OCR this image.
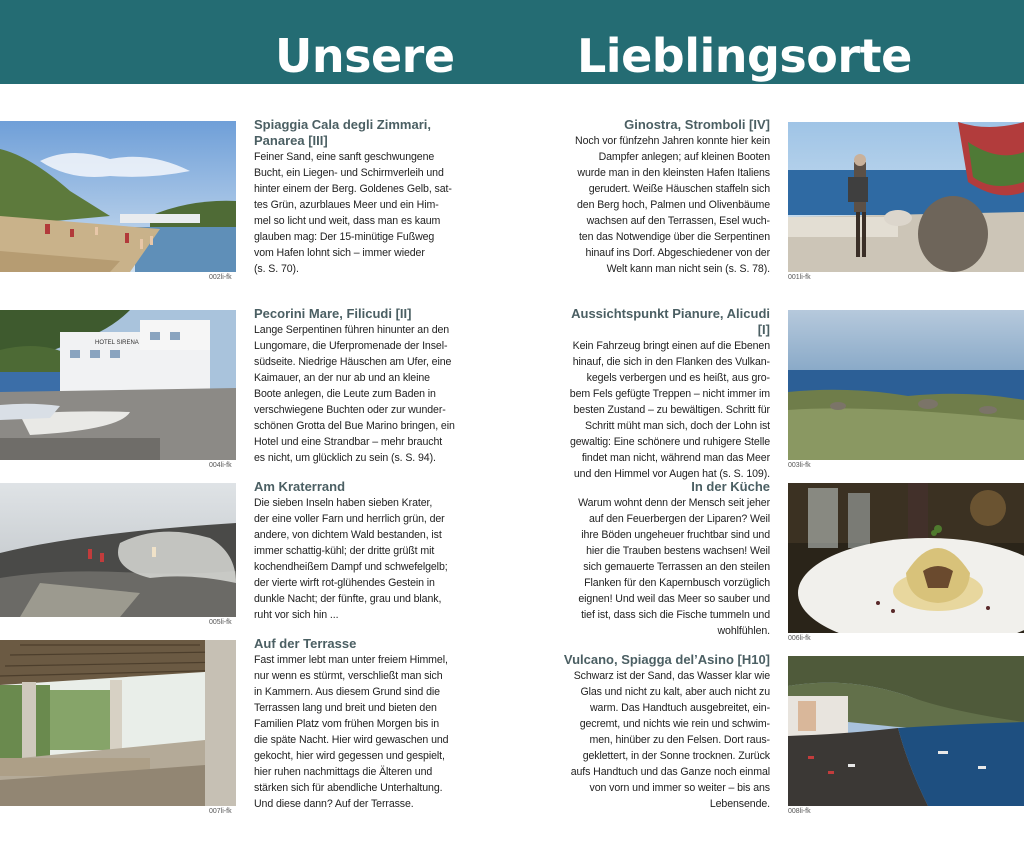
Unsere	Lieblingsorte
002li-fk
Spiaggia Cala degli Zimmari,
Panarea [III]
Feiner Sand, eine sanft geschwungene
Bucht, ein Liegen- und Schirmverleih und
hinter einem der Berg. Goldenes Gelb, sat-
tes Grün, azurblaues Meer und ein Him-
mel so licht und weit, dass man es kaum
glauben mag: Der 15-minütige Fußweg
vom Hafen lohnt sich – immer wieder
(s. S. 70).
HOTEL SIRENA
004li-fk
Pecorini Mare, Filicudi [II]
Lange Serpentinen führen hinunter an den
Lungomare, die Uferpromenade der Insel-
südseite. Niedrige Häuschen am Ufer, eine
Kaimauer, an der nur ab und an kleine
Boote anlegen, die Leute zum Baden in
verschwiegene Buchten oder zur wunder-
schönen Grotta del Bue Marino bringen, ein
Hotel und eine Strandbar – mehr braucht
es nicht, um glücklich zu sein (s. S. 94).
005li-fk
Am Kraterrand
Die sieben Inseln haben sieben Krater,
der eine voller Farn und herrlich grün, der
andere, von dichtem Wald bestanden, ist
immer schattig-kühl; der dritte grüßt mit
kochendheißem Dampf und schwefelgelb;
der vierte wirft rot-glühendes Gestein in
dunkle Nacht; der fünfte, grau und blank,
ruht vor sich hin ...
007li-fk
Auf der Terrasse
Fast immer lebt man unter freiem Himmel,
nur wenn es stürmt, verschließt man sich
in Kammern. Aus diesem Grund sind die
Terrassen lang und breit und bieten den
Familien Platz vom frühen Morgen bis in
die späte Nacht. Hier wird gewaschen und
gekocht, hier wird gegessen und gespielt,
hier ruhen nachmittags die Älteren und
stärken sich für abendliche Unterhaltung.
Und diese dann? Auf der Terrasse.
Ginostra, Stromboli [IV]
Noch vor fünfzehn Jahren konnte hier kein
Dampfer anlegen; auf kleinen Booten
wurde man in den kleinsten Hafen Italiens
gerudert. Weiße Häuschen staffeln sich
den Berg hoch, Palmen und Olivenbäume
wachsen auf den Terrassen, Esel wuch-
ten das Notwendige über die Serpentinen
hinauf ins Dorf. Abgeschiedener von der
Welt kann man nicht sein (s. S. 78).
001li-fk
Aussichtspunkt Pianure, Alicudi [I]
Kein Fahrzeug bringt einen auf die Ebenen
hinauf, die sich in den Flanken des Vulkan-
kegels verbergen und es heißt, aus gro-
bem Fels gefügte Treppen – nicht immer im
besten Zustand – zu bewältigen. Schritt für
Schritt müht man sich, doch der Lohn ist
gewaltig: Eine schönere und ruhigere Stelle
findet man nicht, während man das Meer
und den Himmel vor Augen hat (s. S. 109).
003li-fk
In der Küche
Warum wohnt denn der Mensch seit jeher
auf den Feuerbergen der Liparen? Weil
ihre Böden ungeheuer fruchtbar sind und
hier die Trauben bestens wachsen! Weil
sich gemauerte Terrassen an den steilen
Flanken für den Kapernbusch vorzüglich
eignen! Und weil das Meer so sauber und
tief ist, dass sich die Fische tummeln und
wohlfühlen.
006li-fk
Vulcano, Spiagga del’Asino [H10]
Schwarz ist der Sand, das Wasser klar wie
Glas und nicht zu kalt, aber auch nicht zu
warm. Das Handtuch ausgebreitet, ein-
gecremt, und nichts wie rein und schwim-
men, hinüber zu den Felsen. Dort raus-
geklettert, in der Sonne trocknen. Zurück
aufs Handtuch und das Ganze noch einmal
von vorn und immer so weiter – bis ans
Lebensende.
008li-fk
